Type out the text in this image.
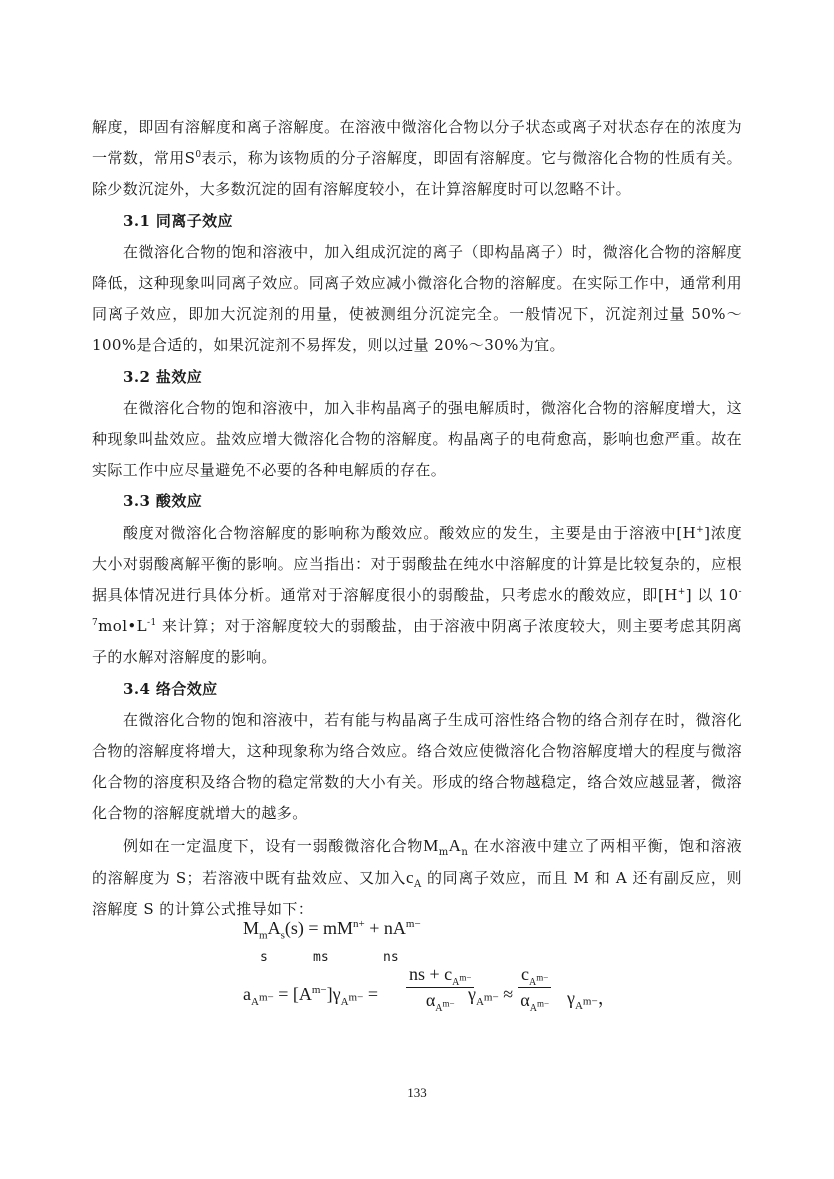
解度，即固有溶解度和离子溶解度。在溶液中微溶化合物以分子状态或离子对状态存在的浓度为一常数，常用$S^0$表示，称为该物质的分子溶解度，即固有溶解度。它与微溶化合物的性质有关。除少数沉淀外，大多数沉淀的固有溶解度较小，在计算溶解度时可以忽略不计。

3.1 同离子效应

在微溶化合物的饱和溶液中，加入组成沉淀的离子（即构晶离子）时，微溶化合物的溶解度降低，这种现象叫同离子效应。同离子效应减小微溶化合物的溶解度。在实际工作中，通常利用同离子效应，即加大沉淀剂的用量，使被测组分沉淀完全。一般情况下，沉淀剂过量 50%～100%是合适的，如果沉淀剂不易挥发，则以过量 20%～30%为宜。

3.2 盐效应

在微溶化合物的饱和溶液中，加入非构晶离子的强电解质时，微溶化合物的溶解度增大，这种现象叫盐效应。盐效应增大微溶化合物的溶解度。构晶离子的电荷愈高，影响也愈严重。故在实际工作中应尽量避免不必要的各种电解质的存在。

3.3 酸效应

酸度对微溶化合物溶解度的影响称为酸效应。酸效应的发生，主要是由于溶液中[H+]浓度大小对弱酸离解平衡的影响。应当指出：对于弱酸盐在纯水中溶解度的计算是比较复杂的，应根据具体情况进行具体分析。通常对于溶解度很小的弱酸盐，只考虑水的酸效应，即[H+] 以 $10^{-7}mol•L^{-1}$ 来计算；对于溶解度较大的弱酸盐，由于溶液中阴离子浓度较大，则主要考虑其阴离子的水解对溶解度的影响。

3.4 络合效应

在微溶化合物的饱和溶液中，若有能与构晶离子生成可溶性络合物的络合剂存在时，微溶化合物的溶解度将增大，这种现象称为络合效应。络合效应使微溶化合物溶解度增大的程度与微溶化合物的溶度积及络合物的稳定常数的大小有关。形成的络合物越稳定，络合效应越显著，微溶化合物的溶解度就增大的越多。

例如在一定温度下，设有一弱酸微溶化合物$M_mA_n$ 在水溶液中建立了两相平衡，饱和溶液的溶解度为 S；若溶液中既有盐效应、又加入$c_A$ 的同离子效应，而且 M 和 A 还有副反应，则溶解度 S 的计算公式推导如下：

$M_mA_s(s) = mM^{n+} + nA^{m-}$
s	ms	ns
$a_{A^{m-}} = [A^{m-}]\gamma_{A^{m-}}$ =
ns + $c_{A^{m-}}$
$\alpha_{A^{m-}}$ $\gamma_{A^{m-}}$ ≈
$c_{A^{m-}}$
$\alpha_{A^{m-}}$ $\gamma_{A^{m-}}$，
133
